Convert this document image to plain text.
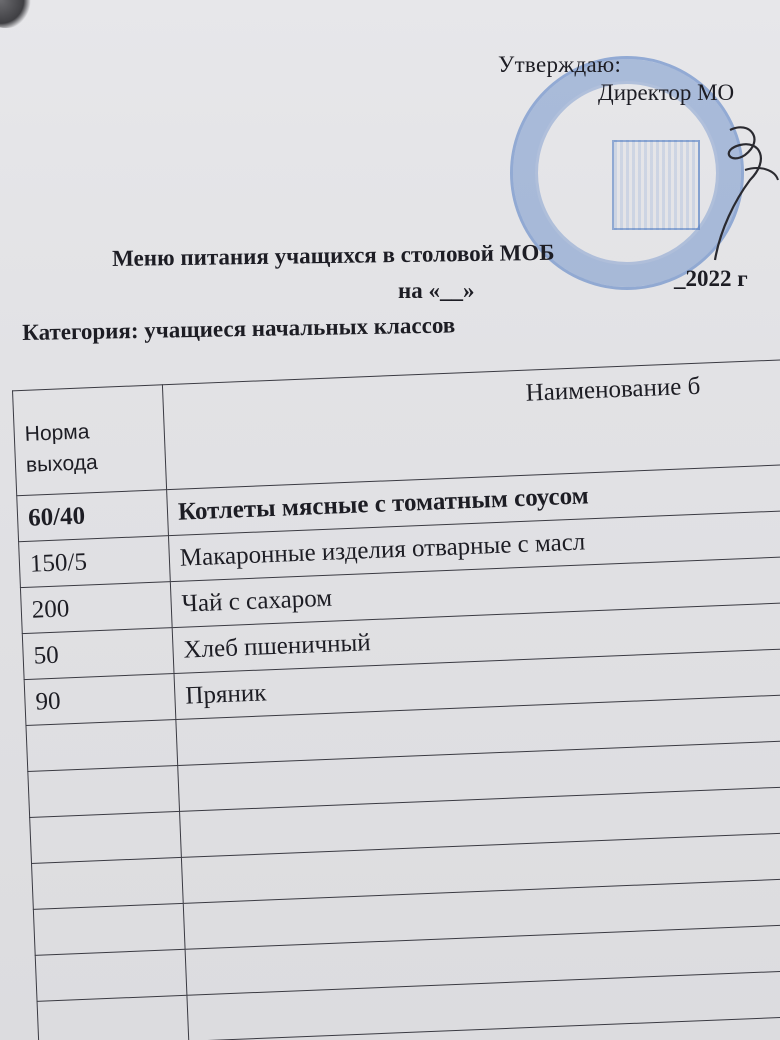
Утверждаю:
Директор МО
Меню питания учащихся в столовой МОБ
_2022 г
на «__»
Категория: учащиеся начальных классов
Норма
выхода	Наименование б
60/40	Котлеты мясные с томатным соусом
150/5	Макаронные изделия отварные с масл
200	Чай с сахаром
50	Хлеб пшеничный
90	Пряник
